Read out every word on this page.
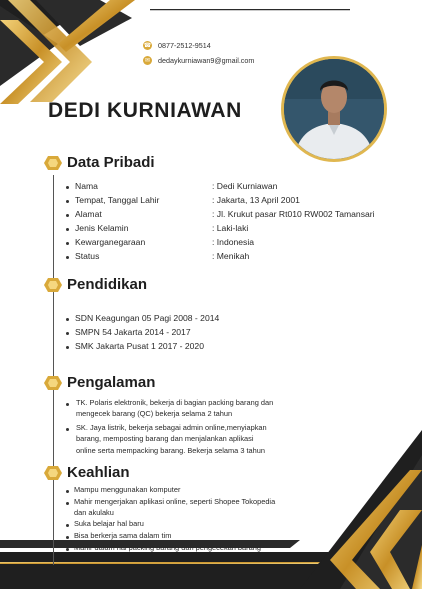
☎ 0877-2512-9514
✉ dedaykurniawan9@gmail.com
DEDI KURNIAWAN
Data Pribadi
Nama	: Dedi Kurniawan
Tempat, Tanggal Lahir	: Jakarta, 13 April 2001
Alamat	: Jl. Krukut pasar Rt010 RW002 Tamansari
Jenis Kelamin	: Laki-laki
Kewarganegaraan	: Indonesia
Status	: Menikah
Pendidikan
SDN Keagungan 05 Pagi 2008 - 2014
SMPN 54 Jakarta 2014 - 2017
SMK Jakarta Pusat 1 2017 - 2020
Pengalaman
TK. Polaris elektronik, bekerja di bagian packing barang dan
mengecek barang (QC) bekerja selama 2 tahun
SK. Jaya listrik, bekerja sebagai admin online,menyiapkan
barang, memposting barang dan menjalankan aplikasi
online serta mempacking barang. Bekerja selama 3 tahun
Keahlian
Mampu menggunakan komputer
Mahir mengerjakan aplikasi online, seperti Shopee Tokopedia
dan akulaku
Suka belajar hal baru
Bisa berkerja sama dalam tim
Mahir dalam hal packing barang dan pengecekan barang
